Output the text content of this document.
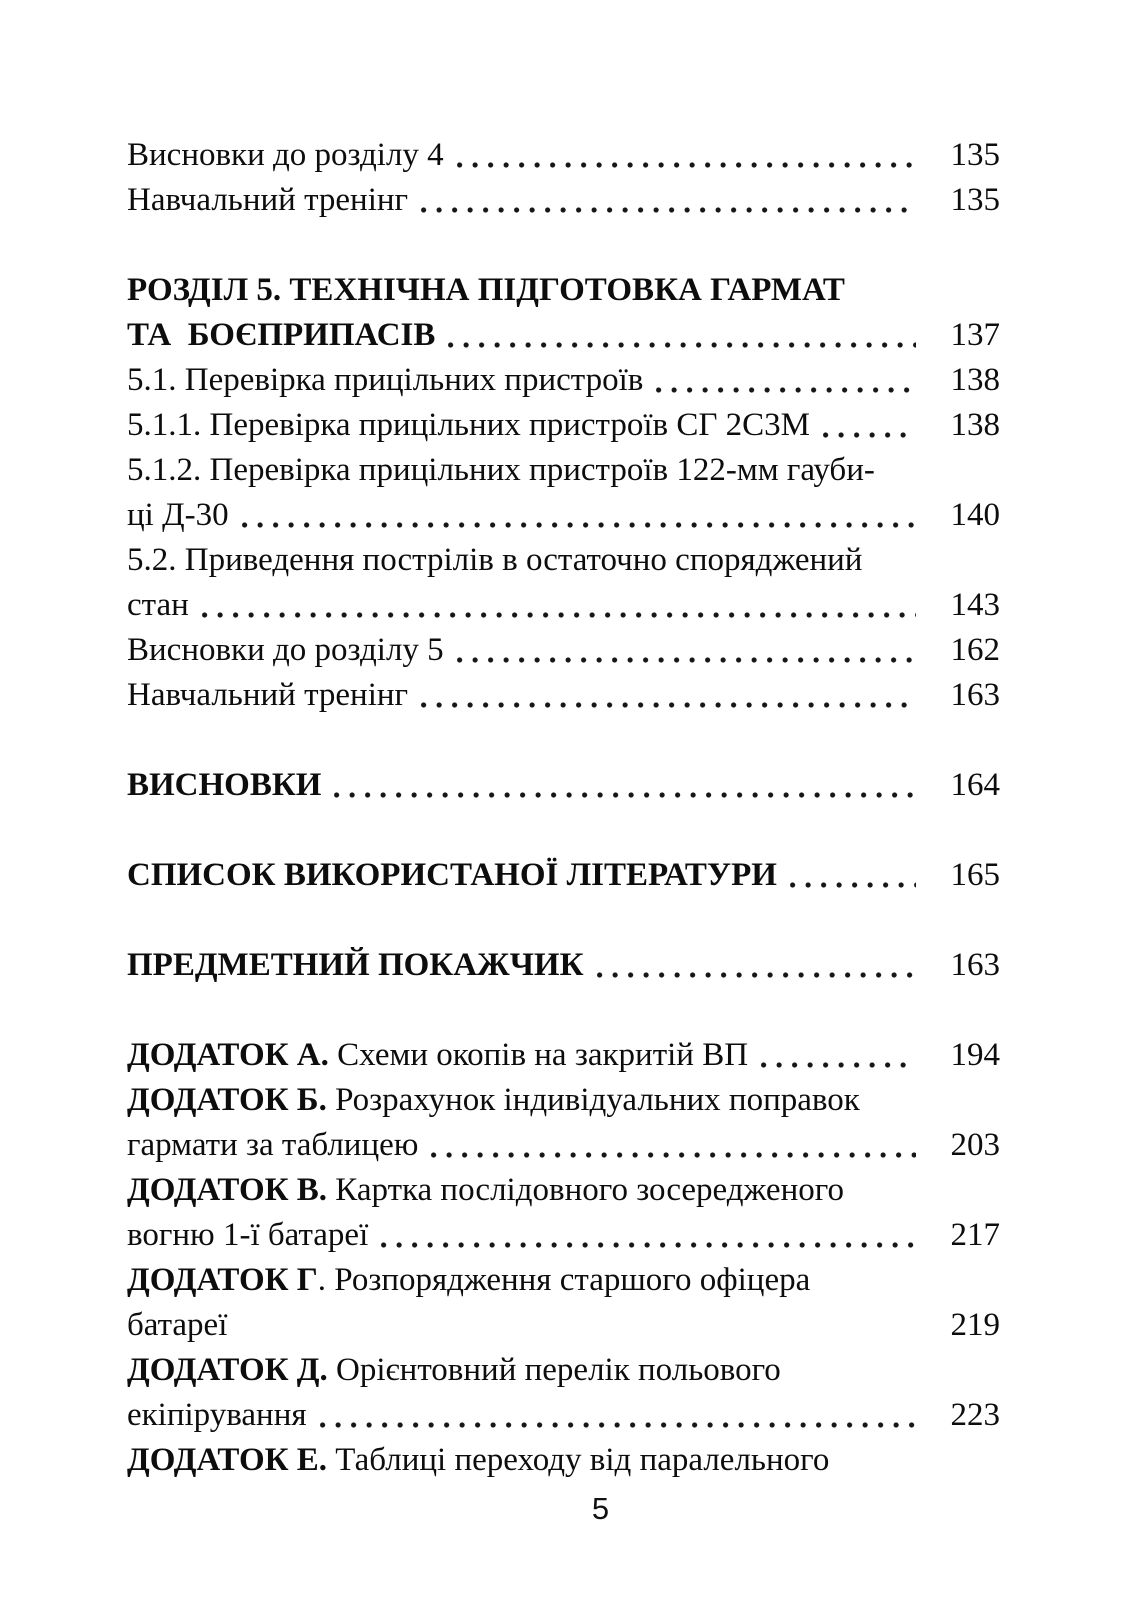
Висновки до розділу 4	135
Навчальний тренінг	135
РОЗДІЛ 5. ТЕХНІЧНА ПІДГОТОВКА ГАРМАТ
ТА  БОЄПРИПАСІВ	137
5.1. Перевірка прицільних пристроїв	138
5.1.1. Перевірка прицільних пристроїв СГ 2С3М	138
5.1.2. Перевірка прицільних пристроїв 122-мм гауби-
ці Д-30	140
5.2. Приведення пострілів в остаточно споряджений
стан	143
Висновки до розділу 5	162
Навчальний тренінг	163
ВИСНОВКИ	164
СПИСОК ВИКОРИСТАНОЇ ЛІТЕРАТУРИ	165
ПРЕДМЕТНИЙ ПОКАЖЧИК	163
ДОДАТОК А. Схеми окопів на закритій ВП	194
ДОДАТОК Б. Розрахунок індивідуальних поправок
гармати за таблицею	203
ДОДАТОК В. Картка послідовного зосередженого
вогню 1-ї батареї	217
ДОДАТОК Г . Розпорядження старшого офіцера
батареї	219
ДОДАТОК Д. Орієнтовний перелік польового
екіпірування	223
ДОДАТОК Е. Таблиці переходу від паралельного
5
